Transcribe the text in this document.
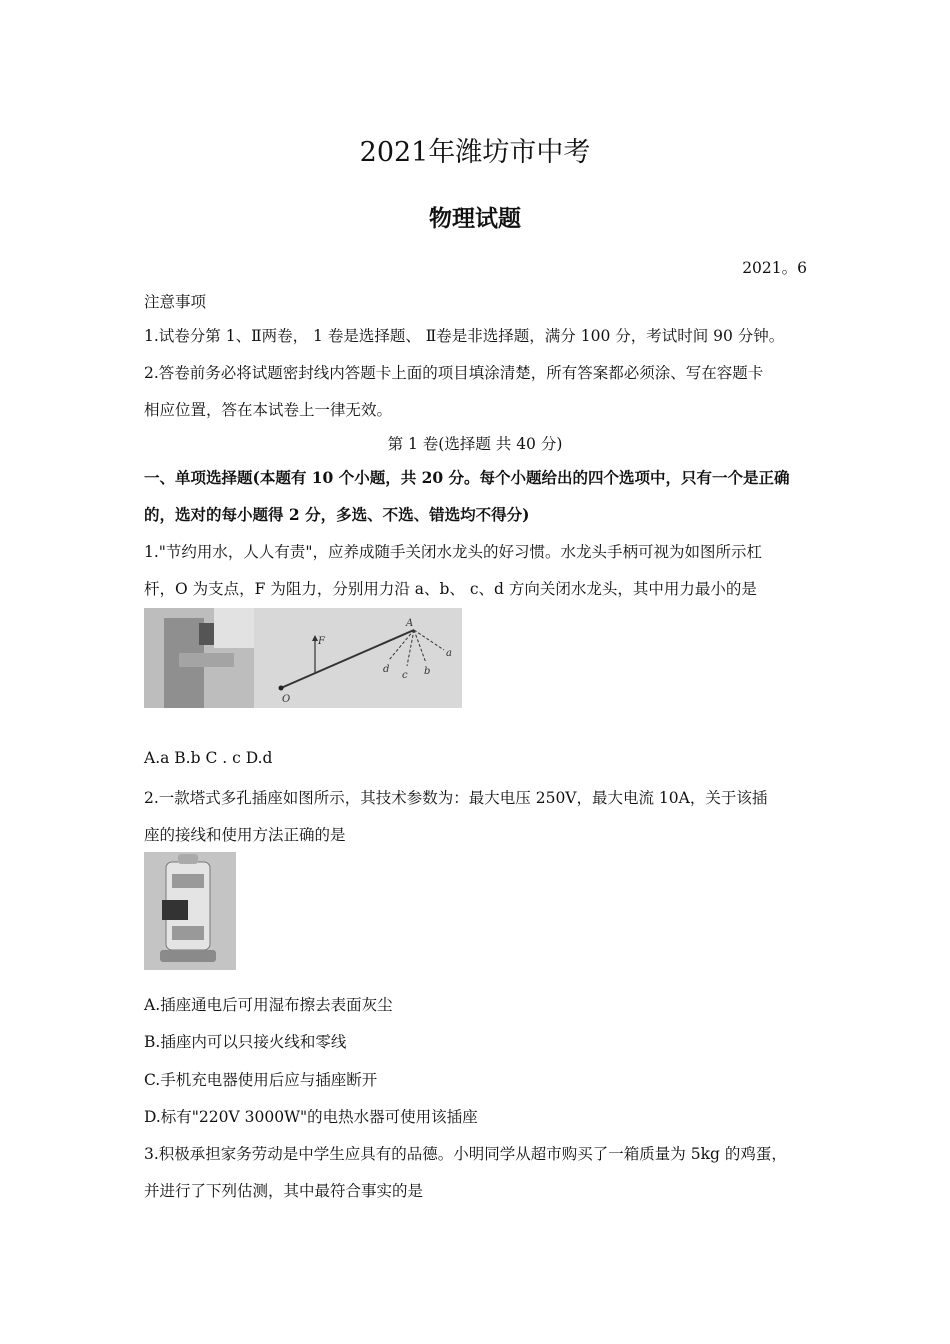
2021年潍坊市中考
物理试题
2021。6
注意事项
1.试卷分第 1、Ⅱ两卷， 1 卷是选择题、 Ⅱ卷是非选择题，满分 100 分，考试时间 90 分钟。
2.答卷前务必将试题密封线内答题卡上面的项目填涂清楚，所有答案都必须涂、写在容题卡
相应位置，答在本试卷上一律无效。
第 1 卷(选择题 共 40 分)
一、单项选择题(本题有 10 个小题，共 20 分。每个小题给出的四个选项中，只有一个是正确
的，选对的每小题得 2 分，多选、不选、错选均不得分)
1."节约用水，人人有责"，应养成随手关闭水龙头的好习惯。水龙头手柄可视为如图所示杠
杆，O 为支点，F 为阻力，分别用力沿 a、b、 c、d 方向关闭水龙头，其中用力最小的是
F
A
O
a
b
c
d
A.a B.b C . c D.d
2.一款塔式多孔插座如图所示，其技术参数为：最大电压 250V，最大电流 10A，关于该插
座的接线和使用方法正确的是
A.插座通电后可用湿布擦去表面灰尘
B.插座内可以只接火线和零线
C.手机充电器使用后应与插座断开
D.标有"220V 3000W"的电热水器可使用该插座
3.积极承担家务劳动是中学生应具有的品德。小明同学从超市购买了一箱质量为 5kg 的鸡蛋，
并进行了下列估测，其中最符合事实的是
